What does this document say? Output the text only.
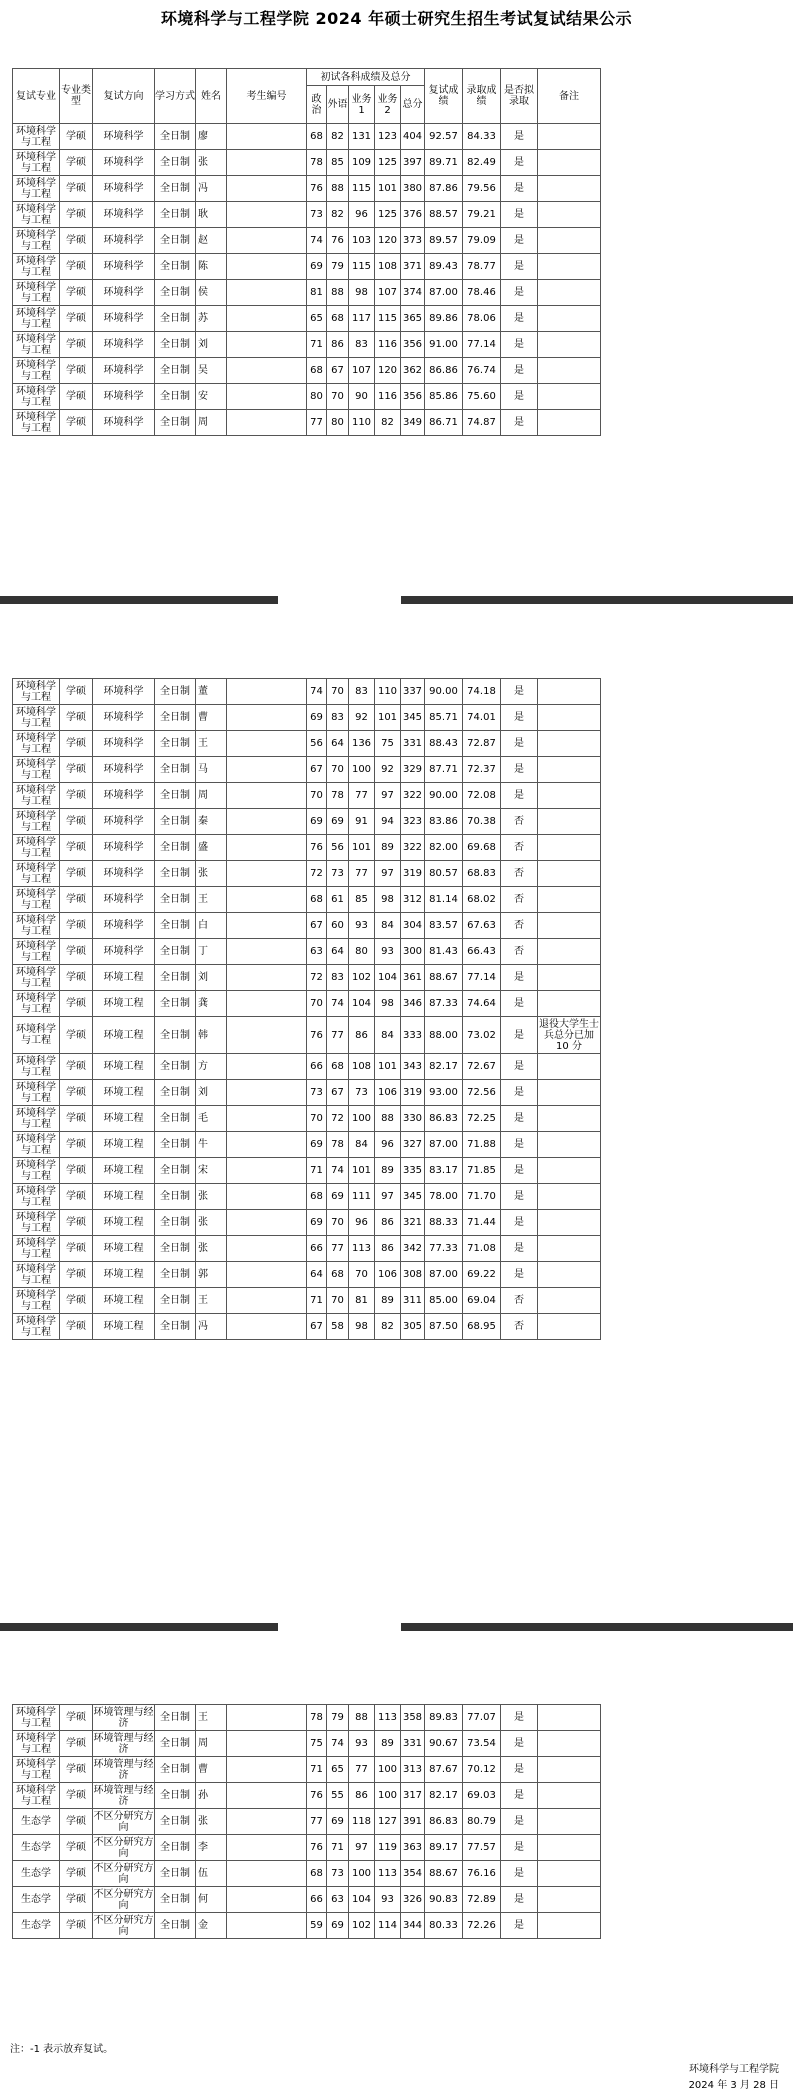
环境科学与工程学院 2024 年硕士研究生招生考试复试结果公示
复试专业	专业类型	复试方向	学习方式	姓名	考生编号	初试各科成绩及总分					复试成绩	录取成绩	是否拟录取	备注
						政治	外语	业务1	业务2	总分				
环境科学与工程	学硕	环境科学	全日制	廖		68	82	131	123	404	92.57	84.33	是	
环境科学与工程	学硕	环境科学	全日制	张		78	85	109	125	397	89.71	82.49	是	
环境科学与工程	学硕	环境科学	全日制	冯		76	88	115	101	380	87.86	79.56	是	
环境科学与工程	学硕	环境科学	全日制	耿		73	82	96	125	376	88.57	79.21	是	
环境科学与工程	学硕	环境科学	全日制	赵		74	76	103	120	373	89.57	79.09	是	
环境科学与工程	学硕	环境科学	全日制	陈		69	79	115	108	371	89.43	78.77	是	
环境科学与工程	学硕	环境科学	全日制	侯		81	88	98	107	374	87.00	78.46	是	
环境科学与工程	学硕	环境科学	全日制	苏		65	68	117	115	365	89.86	78.06	是	
环境科学与工程	学硕	环境科学	全日制	刘		71	86	83	116	356	91.00	77.14	是	
环境科学与工程	学硕	环境科学	全日制	吴		68	67	107	120	362	86.86	76.74	是	
环境科学与工程	学硕	环境科学	全日制	安		80	70	90	116	356	85.86	75.60	是	
环境科学与工程	学硕	环境科学	全日制	周		77	80	110	82	349	86.71	74.87	是	
环境科学与工程	学硕	环境科学	全日制	董		74	70	83	110	337	90.00	74.18	是	
环境科学与工程	学硕	环境科学	全日制	曹		69	83	92	101	345	85.71	74.01	是	
环境科学与工程	学硕	环境科学	全日制	王		56	64	136	75	331	88.43	72.87	是	
环境科学与工程	学硕	环境科学	全日制	马		67	70	100	92	329	87.71	72.37	是	
环境科学与工程	学硕	环境科学	全日制	周		70	78	77	97	322	90.00	72.08	是	
环境科学与工程	学硕	环境科学	全日制	秦		69	69	91	94	323	83.86	70.38	否	
环境科学与工程	学硕	环境科学	全日制	盛		76	56	101	89	322	82.00	69.68	否	
环境科学与工程	学硕	环境科学	全日制	张		72	73	77	97	319	80.57	68.83	否	
环境科学与工程	学硕	环境科学	全日制	王		68	61	85	98	312	81.14	68.02	否	
环境科学与工程	学硕	环境科学	全日制	白		67	60	93	84	304	83.57	67.63	否	
环境科学与工程	学硕	环境科学	全日制	丁		63	64	80	93	300	81.43	66.43	否	
环境科学与工程	学硕	环境工程	全日制	刘		72	83	102	104	361	88.67	77.14	是	
环境科学与工程	学硕	环境工程	全日制	龚		70	74	104	98	346	87.33	74.64	是	
环境科学与工程	学硕	环境工程	全日制	韩		76	77	86	84	333	88.00	73.02	是	退役大学生士兵总分已加 10 分
环境科学与工程	学硕	环境工程	全日制	方		66	68	108	101	343	82.17	72.67	是	
环境科学与工程	学硕	环境工程	全日制	刘		73	67	73	106	319	93.00	72.56	是	
环境科学与工程	学硕	环境工程	全日制	毛		70	72	100	88	330	86.83	72.25	是	
环境科学与工程	学硕	环境工程	全日制	牛		69	78	84	96	327	87.00	71.88	是	
环境科学与工程	学硕	环境工程	全日制	宋		71	74	101	89	335	83.17	71.85	是	
环境科学与工程	学硕	环境工程	全日制	张		68	69	111	97	345	78.00	71.70	是	
环境科学与工程	学硕	环境工程	全日制	张		69	70	96	86	321	88.33	71.44	是	
环境科学与工程	学硕	环境工程	全日制	张		66	77	113	86	342	77.33	71.08	是	
环境科学与工程	学硕	环境工程	全日制	郭		64	68	70	106	308	87.00	69.22	是	
环境科学与工程	学硕	环境工程	全日制	王		71	70	81	89	311	85.00	69.04	否	
环境科学与工程	学硕	环境工程	全日制	冯		67	58	98	82	305	87.50	68.95	否	
环境科学与工程	学硕	环境管理与经济	全日制	王		78	79	88	113	358	89.83	77.07	是	
环境科学与工程	学硕	环境管理与经济	全日制	周		75	74	93	89	331	90.67	73.54	是	
环境科学与工程	学硕	环境管理与经济	全日制	曹		71	65	77	100	313	87.67	70.12	是	
环境科学与工程	学硕	环境管理与经济	全日制	孙		76	55	86	100	317	82.17	69.03	是	
生态学	学硕	不区分研究方向	全日制	张		77	69	118	127	391	86.83	80.79	是	
生态学	学硕	不区分研究方向	全日制	李		76	71	97	119	363	89.17	77.57	是	
生态学	学硕	不区分研究方向	全日制	伍		68	73	100	113	354	88.67	76.16	是	
生态学	学硕	不区分研究方向	全日制	何		66	63	104	93	326	90.83	72.89	是	
生态学	学硕	不区分研究方向	全日制	金		59	69	102	114	344	80.33	72.26	是	
注：-1 表示放弃复试。
环境科学与工程学院
2024 年 3 月 28 日
